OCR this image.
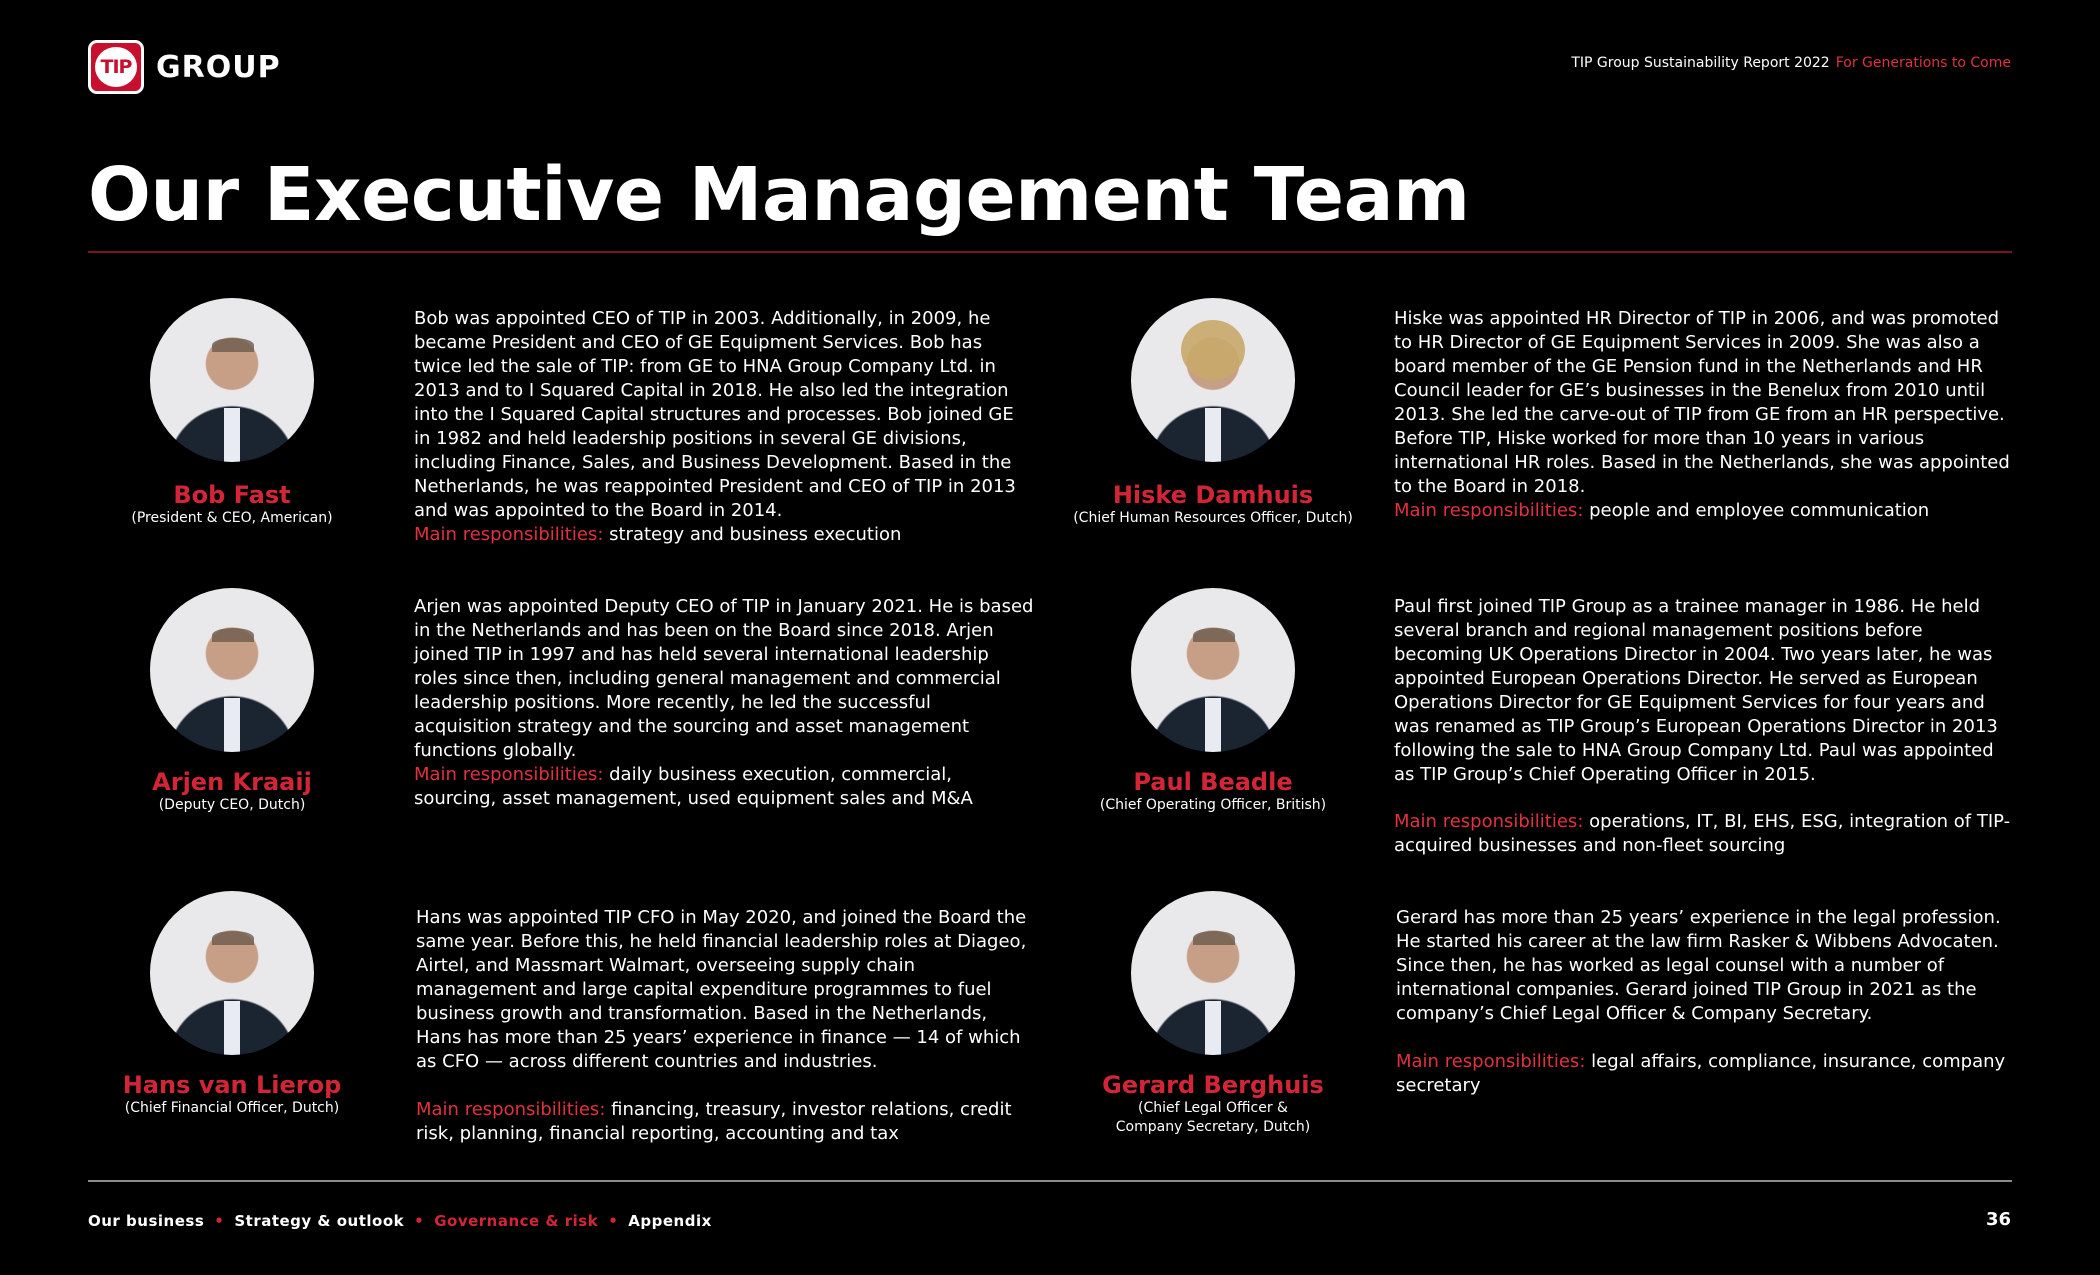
TIP GROUP	TIP Group Sustainability Report 2022 For Generations to Come
Our Executive Management Team
Bob Fast
(President & CEO, American)

Bob was appointed CEO of TIP in 2003. Additionally, in 2009, he became President and CEO of GE Equipment Services. Bob has twice led the sale of TIP: from GE to HNA Group Company Ltd. in 2013 and to I Squared Capital in 2018. He also led the integration into the I Squared Capital structures and processes. Bob joined GE in 1982 and held leadership positions in several GE divisions, including Finance, Sales, and Business Development. Based in the Netherlands, he was reappointed President and CEO of TIP in 2013 and was appointed to the Board in 2014.

Main responsibilities: strategy and business execution

Hiske Damhuis
(Chief Human Resources Officer, Dutch)

Hiske was appointed HR Director of TIP in 2006, and was promoted to HR Director of GE Equipment Services in 2009. She was also a board member of the GE Pension fund in the Netherlands and HR Council leader for GE’s businesses in the Benelux from 2010 until 2013. She led the carve-out of TIP from GE from an HR perspective. Before TIP, Hiske worked for more than 10 years in various international HR roles. Based in the Netherlands, she was appointed to the Board in 2018.

Main responsibilities: people and employee communication

Arjen Kraaij
(Deputy CEO, Dutch)

Arjen was appointed Deputy CEO of TIP in January 2021. He is based in the Netherlands and has been on the Board since 2018. Arjen joined TIP in 1997 and has held several international leadership roles since then, including general management and commercial leadership positions. More recently, he led the successful acquisition strategy and the sourcing and asset management functions globally.

Main responsibilities: daily business execution, commercial, sourcing, asset management, used equipment sales and M&A

Paul Beadle
(Chief Operating Officer, British)

Paul first joined TIP Group as a trainee manager in 1986. He held several branch and regional management positions before becoming UK Operations Director in 2004. Two years later, he was appointed European Operations Director. He served as European Operations Director for GE Equipment Services for four years and was renamed as TIP Group’s European Operations Director in 2013 following the sale to HNA Group Company Ltd. Paul was appointed as TIP Group’s Chief Operating Officer in 2015.

Main responsibilities: operations, IT, BI, EHS, ESG, integration of TIP-acquired businesses and non-fleet sourcing

Hans van Lierop
(Chief Financial Officer, Dutch)

Hans was appointed TIP CFO in May 2020, and joined the Board the same year. Before this, he held financial leadership roles at Diageo, Airtel, and Massmart Walmart, overseeing supply chain management and large capital expenditure programmes to fuel business growth and transformation. Based in the Netherlands, Hans has more than 25 years’ experience in finance — 14 of which as CFO — across different countries and industries.

Main responsibilities: financing, treasury, investor relations, credit risk, planning, financial reporting, accounting and tax

Gerard Berghuis
(Chief Legal Officer &
Company Secretary, Dutch)

Gerard has more than 25 years’ experience in the legal profession. He started his career at the law firm Rasker & Wibbens Advocaten. Since then, he has worked as legal counsel with a number of international companies. Gerard joined TIP Group in 2021 as the company’s Chief Legal Officer & Company Secretary.

Main responsibilities: legal affairs, compliance, insurance, company secretary

Our business • Strategy & outlook • Governance & risk • Appendix	36
